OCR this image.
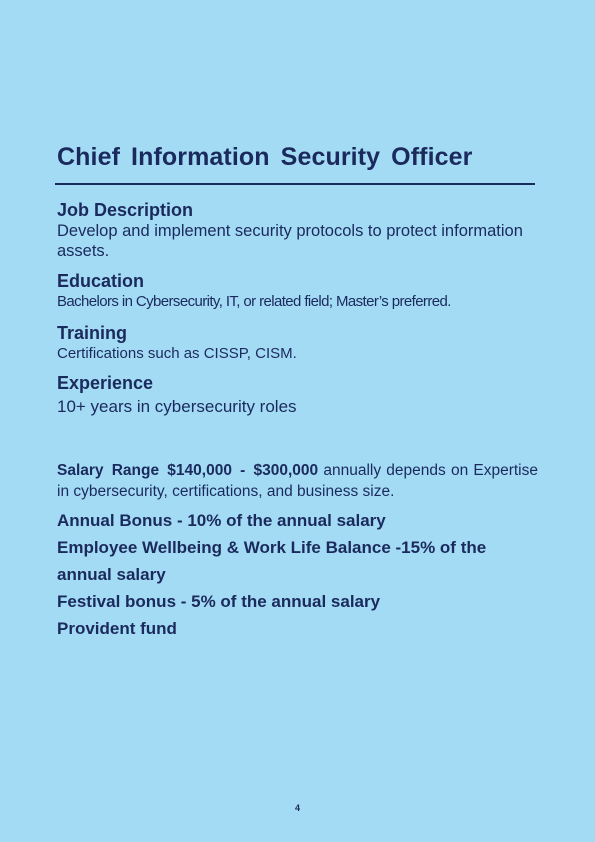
Chief Information Security Officer
Job Description

Develop and implement security protocols to protect information assets.

Education

Bachelors in Cybersecurity, IT, or related field; Master’s preferred.

Training

Certifications such as CISSP, CISM.

Experience

10+ years in cybersecurity roles

Salary Range $140,000 - $300,000 annually depends on Expertise in cybersecurity, certifications, and business size.

Annual Bonus - 10% of the annual salary
Employee Wellbeing & Work Life Balance -15% of the annual salary
Festival bonus - 5% of the annual salary
Provident fund
4
